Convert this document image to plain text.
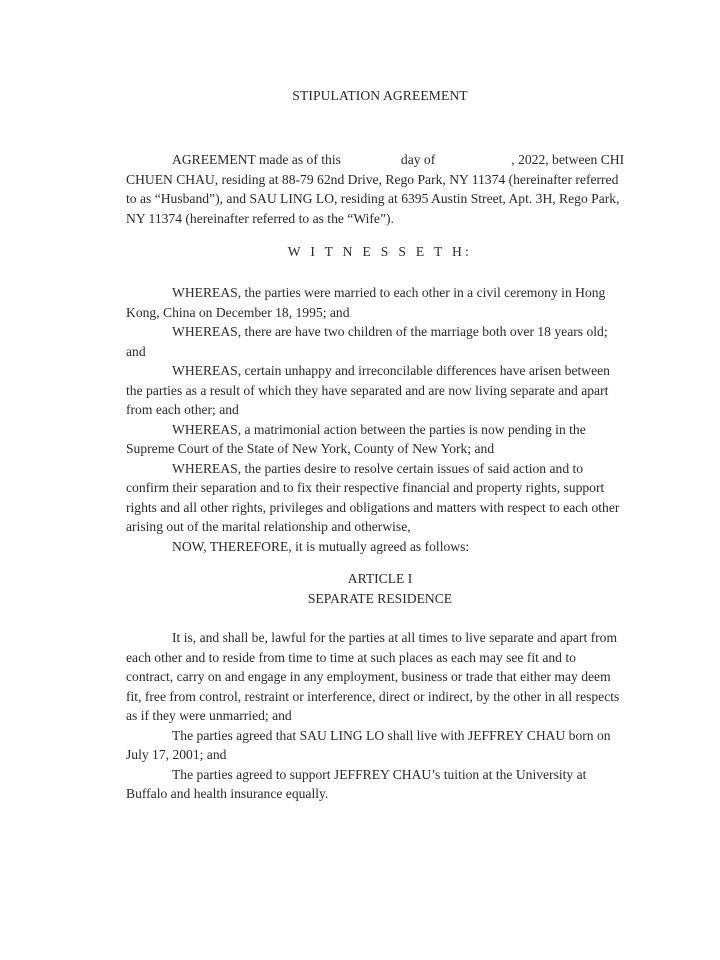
STIPULATION AGREEMENT

AGREEMENT made as of this	day of	, 2022, between CHI CHUEN CHAU, residing at 88-79 62nd Drive, Rego Park, NY 11374 (hereinafter referred to as “Husband”), and SAU LING LO, residing at 6395 Austin Street, Apt. 3H, Rego Park, NY 11374 (hereinafter referred to as the “Wife”).

W I T N E S S E T H:

WHEREAS, the parties were married to each other in a civil ceremony in Hong Kong, China on December 18, 1995; and

WHEREAS, there are have two children of the marriage both over 18 years old; and

WHEREAS, certain unhappy and irreconcilable differences have arisen between the parties as a result of which they have separated and are now living separate and apart from each other; and

WHEREAS, a matrimonial action between the parties is now pending in the Supreme Court of the State of New York, County of New York; and

WHEREAS, the parties desire to resolve certain issues of said action and to confirm their separation and to fix their respective financial and property rights, support rights and all other rights, privileges and obligations and matters with respect to each other arising out of the marital relationship and otherwise,

NOW, THEREFORE, it is mutually agreed as follows:

ARTICLE I
SEPARATE RESIDENCE

It is, and shall be, lawful for the parties at all times to live separate and apart from each other and to reside from time to time at such places as each may see fit and to contract, carry on and engage in any employment, business or trade that either may deem fit, free from control, restraint or interference, direct or indirect, by the other in all respects as if they were unmarried; and

The parties agreed that SAU LING LO shall live with JEFFREY CHAU born on July 17, 2001; and

The parties agreed to support JEFFREY CHAU’s tuition at the University at Buffalo and health insurance equally.
